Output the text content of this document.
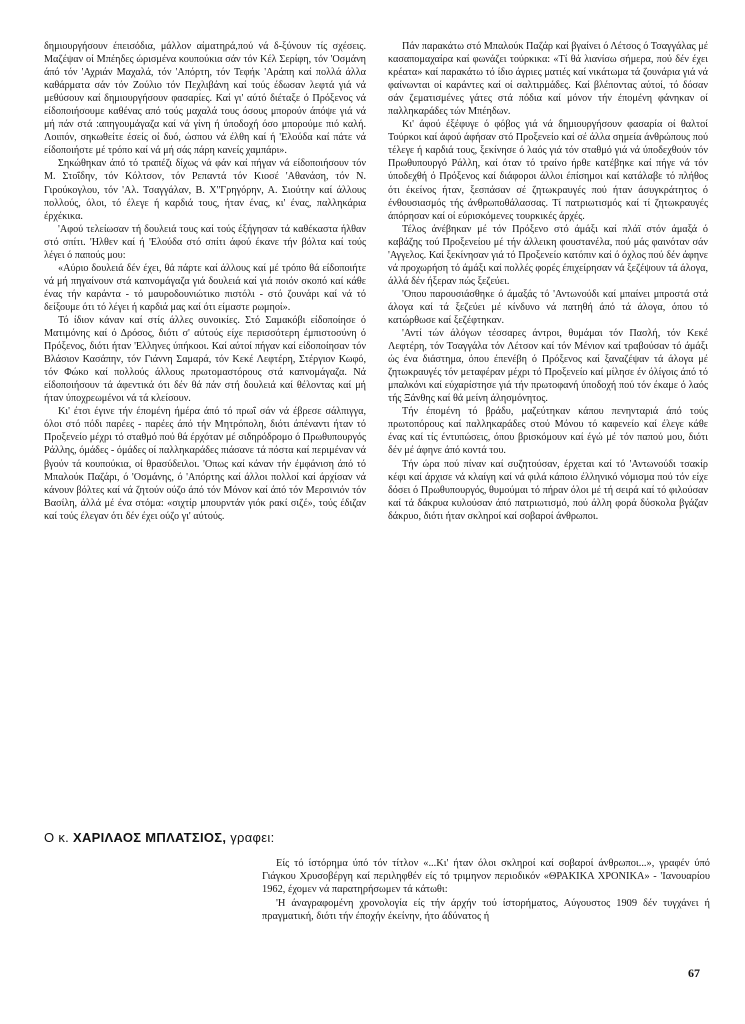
δημιουργήσουν έπεισόδια, μάλλον αίματηρά,πού νά δ-ξύνουν τίς σχέσεις. Μαζέψαν οί Μπέηδες ώρισμένα κουπούκια σάν τόν Κέλ Σερίφη, τόν 'Οσμάνη άπό τόν 'Αχριάν Μαχαλά, τόν 'Απόρτη, τόν Τεφήκ 'Αράπη καί πολλά άλλα καθάρματα σάν τόν Ζούλιο τόν Πεχλιβάνη καί τούς έδωσαν λεφτά γιά νά μεθύσουν καί δημιουργήσουν φασαρίες. Καί γι' αύτό διέταξε ό Πρόξενος νά είδοποιήσουμε καθένας από τούς μαχαλά τους όσους μπορούν άπόψε γιά νά μή πάν στά :απηγουμάγαζα καί νά γίνη ή ύποδοχή όσο μπορούμε πιό καλή. Λοιπόν, σηκωθείτε έσείς οί δυό, ώσπου νά έλθη καί ή 'Ελούδα καί πάτε νά είδοποιήστε μέ τρόπο καί νά μή σάς πάρη κανείς χαμπάρι».

Σηκώθηκαν άπό τό τραπέζι δίχως νά φάν καί πήγαν νά είδοποιήσουν τόν Μ. Στοΐδην, τόν Κόλτσον, τόν Ρεπαντά τόν Κιοσέ 'Αθανάση, τόν Ν. Γιρούκογλου, τόν 'Αλ. Τσαγγάλαν, Β. Χ''Γρηγόρην, Α. Σιούτην καί άλλους πολλούς, όλοι, τό έλεγε ή καρδιά τους, ήταν ένας, κι' ένας, παλληκάρια έρχέκικα.

'Αφού τελείωσαν τή δουλειά τους καί τούς έξήγησαν τά καθέκαστα ήλθαν στό σπίτι. 'Ηλθεν καί ή 'Ελούδα στό σπίτι άφού έκανε τήν βόλτα καί τούς λέγει ό παπούς μου:

«Αύριο δουλειά δέν έχει, θά πάρτε καί άλλους καί μέ τρόπο θά είδοποιήτε νά μή πηγαίνουν στά καπνομάγαζα γιά δουλειά καί γιά ποιόν σκοπό καί κάθε ένας τήν καράντα - τό μαυροδουνιώτικο πιστόλι - στό ζουνάρι καί νά τό δείξουμε ότι τό λέγει ή καρδιά μας καί ότι είμαστε ρωμηοί».

Τό ίδιον κάναν καί στίς άλλες συνοικίες. Στό Σαμακόβι είδοποίησε ό Ματιμόνης καί ό Δρόσος, διότι σ' αύτούς είχε περισσότερη έμπιστοσύνη ό Πρόξενος, διότι ήταν 'Ελληνες ύπήκοοι. Καί αύτοί πήγαν καί είδοποίησαν τόν Βλάσιον Κασάπην, τόν Γιάννη Σαμαρά, τόν Κεκέ Λεφτέρη, Στέργιον Κωφό, τόν Φώκο καί πολλούς άλλους πρωτομαστόρους στά καπνομάγαζα. Νά είδοποιήσουν τά άφεντικά ότι δέν θά πάν στή δουλειά καί θέλοντας καί μή ήταν ύποχρεωμένοι νά τά κλείσουν.

Κι' έτσι έγινε τήν έπομένη ήμέρα άπό τό πρωΐ σάν νά έβρεσε σάλπιγγα, όλοι στό πόδι παρέες - παρέες άπό τήν Μητρόπολη, διότι άπέναντι ήταν τό Προξενείο μέχρι τό σταθμό πού θά έρχόταν μέ σιδηρόδρομο ό Πρωθυπουργός Ράλλης, όμάδες - όμάδες οί παλληκαράδες πιάσανε τά πόστα καί περιμέναν νά βγούν τά κουπούκια, οί θρασύδειλοι. 'Οπως καί κάναν τήν έμφάνιση άπό τό Μπαλούκ Παζάρι, ό 'Οσμάνης, ό 'Απόρτης καί άλλοι πολλοί καί άρχίσαν νά κάνουν βόλτες καί νά ζητούν ούζο άπό τόν Μόνον καί άπό τόν Μερσινιόν τόν Βασίλη, άλλά μέ ένα στόμα: «σιχτίρ μπουρντάν γιόκ ρακί σιζέ», τούς έδιζαν καί τούς έλεγαν ότι δέν έχει ούζο γι' αύτούς.

Πάν παρακάτω στό Μπαλούκ Παζάρ καί βγαίνει ό Λέτσος ό Τσαγγάλας μέ κασαπομαχαίρα καί φωνάζει τούρκικα: «Τί θά λιανίσω σήμερα, πού δέν έχει κρέατα» καί παρακάτω τό ίδιο άγριες ματιές καί νικάτωμα τά ζουνάρια γιά νά φαίνωνται οί καράντες καί οί σαλτιρμάδες. Καί βλέποντας αύτοί, τό δόσαν σάν ζεματισμένες γάτες στά πόδια καί μόνον τήν έπομένη φάνηκαν οί παλληκαράδες τών Μπέηδων.

Κι' άφού έξέφυγε ό φόβος γιά νά δημιουργήσουν φασαρία οί θαλτοί Τούρκοι καί άφού άφήσαν στό Προξενείο καί σέ άλλα σημεία άνθρώπους πού τέλεγε ή καρδιά τους, ξεκίνησε ό λαός γιά τόν σταθμό γιά νά ύποδεχθούν τόν Πρωθυπουργό Ράλλη, καί όταν τό τραίνο ήρθε κατέβηκε καί πήγε νά τόν ύποδεχθή ό Πρόξενος καί διάφοροι άλλοι έπίσημοι καί κατάλαβε τό πλήθος ότι έκείνος ήταν, ξεσπάσαν σέ ζητωκραυγές πού ήταν άσυγκράτητος ό ένθουσιασμός τής άνθρωποθάλασσας. Τί πατριωτισμός καί τί ζητωκραυγές άπόρησαν καί οί εύρισκόμενες τουρκικές άρχές.

Τέλος άνέβηκαν μέ τόν Πρόξενο στό άμάξι καί πλάϊ στόν άμαξά ό καβάζης τού Προξενείου μέ τήν άλλεικη φουστανέλα, πού μάς φαινόταν σάν 'Αγγελος. Καί ξεκίνησαν γιά τό Προξενείο κατόπιν καί ό όχλος πού δέν άφηνε νά προχωρήση τό άμάξι καί πολλές φορές έπιχείρησαν νά ξεζέψουν τά άλογα, άλλά δέν ήξεραν πώς ξεζεύει.

'Οπου παρουσιάσθηκε ό άμαξάς τό 'Αντωνούδι καί μπαίνει μπροστά στά άλογα καί τά ξεζεύει μέ κίνδυνο νά πατηθή άπό τά άλογα, όπου τό κατώρθωσε καί ξεζέφτηκαν.

'Αντί τών άλόγων τέσσαρες άντροι, θυμάμαι τόν Πασλή, τόν Κεκέ Λεφτέρη, τόν Τσαγγάλα τόν Λέτσον καί τόν Μένιον καί τραβούσαν τό άμάξι ώς ένα διάστημα, όπου έπενέβη ό Πρόξενος καί ξαναζέψαν τά άλογα μέ ζητωκραυγές τόν μεταφέραν μέχρι τό Προξενείο καί μίλησε έν όλίγοις άπό τό μπαλκόνι καί εύχαρίστησε γιά τήν πρωτοφανή ύποδοχή πού τόν έκαμε ό λαός τής Ξάνθης καί θά μείνη άλησμόνητος.

Τήν έπομένη τό βράδυ, μαζεύτηκαν κάπου πενηνταριά άπό τούς πρωτοπόρους καί παλληκαράδες στού Μόνου τό καφενείο καί έλεγε κάθε ένας καί τίς έντυπώσεις, όπου βρισκόμουν καί έγώ μέ τόν παπού μου, διότι δέν μέ άφηνε άπό κοντά του.

Τήν ώρα πού πίναν καί συζητούσαν, έρχεται καί τό 'Αντωνούδι τσακίρ κέφι καί άρχισε νά κλαίγη καί νά φιλά κάποιο έλληνικό νόμισμα πού τόν είχε δόσει ό Πρωθυπουργός, θυμούμαι τό πήραν όλοι μέ τή σειρά καί τό φιλούσαν καί τά δάκρυα κυλούσαν άπό πατριωτισμό, πού άλλη φορά δύσκολα βγάζαν δάκρυο, διότι ήταν σκληροί καί σοβαροί άνθρωποι.

Ο κ. ΧΑΡΙΛΑΟΣ ΜΠΛΑΤΣΙΟΣ, γραφει:

Είς τό ίστόρημα ύπό τόν τίτλον «...Κι' ήταν όλοι σκληροί καί σοβαροί άνθρωποι...», γραφέν ύπό Γιάγκου Χρυσοβέργη καί περιληφθέν είς τό τριμηνον περιοδικόν «ΘΡΑΚΙΚΑ ΧΡΟΝΙΚΑ» - 'Ιανουαρίου 1962, έχομεν νά παρατηρήσωμεν τά κάτωθι:

'Η άναγραφομένη χρονολογία είς τήν άρχήν τού ίστορήματος, Αύγουστος 1909 δέν τυγχάνει ή πραγματική, διότι τήν έποχήν έκείνην, ήτο άδύνατος ή

67
